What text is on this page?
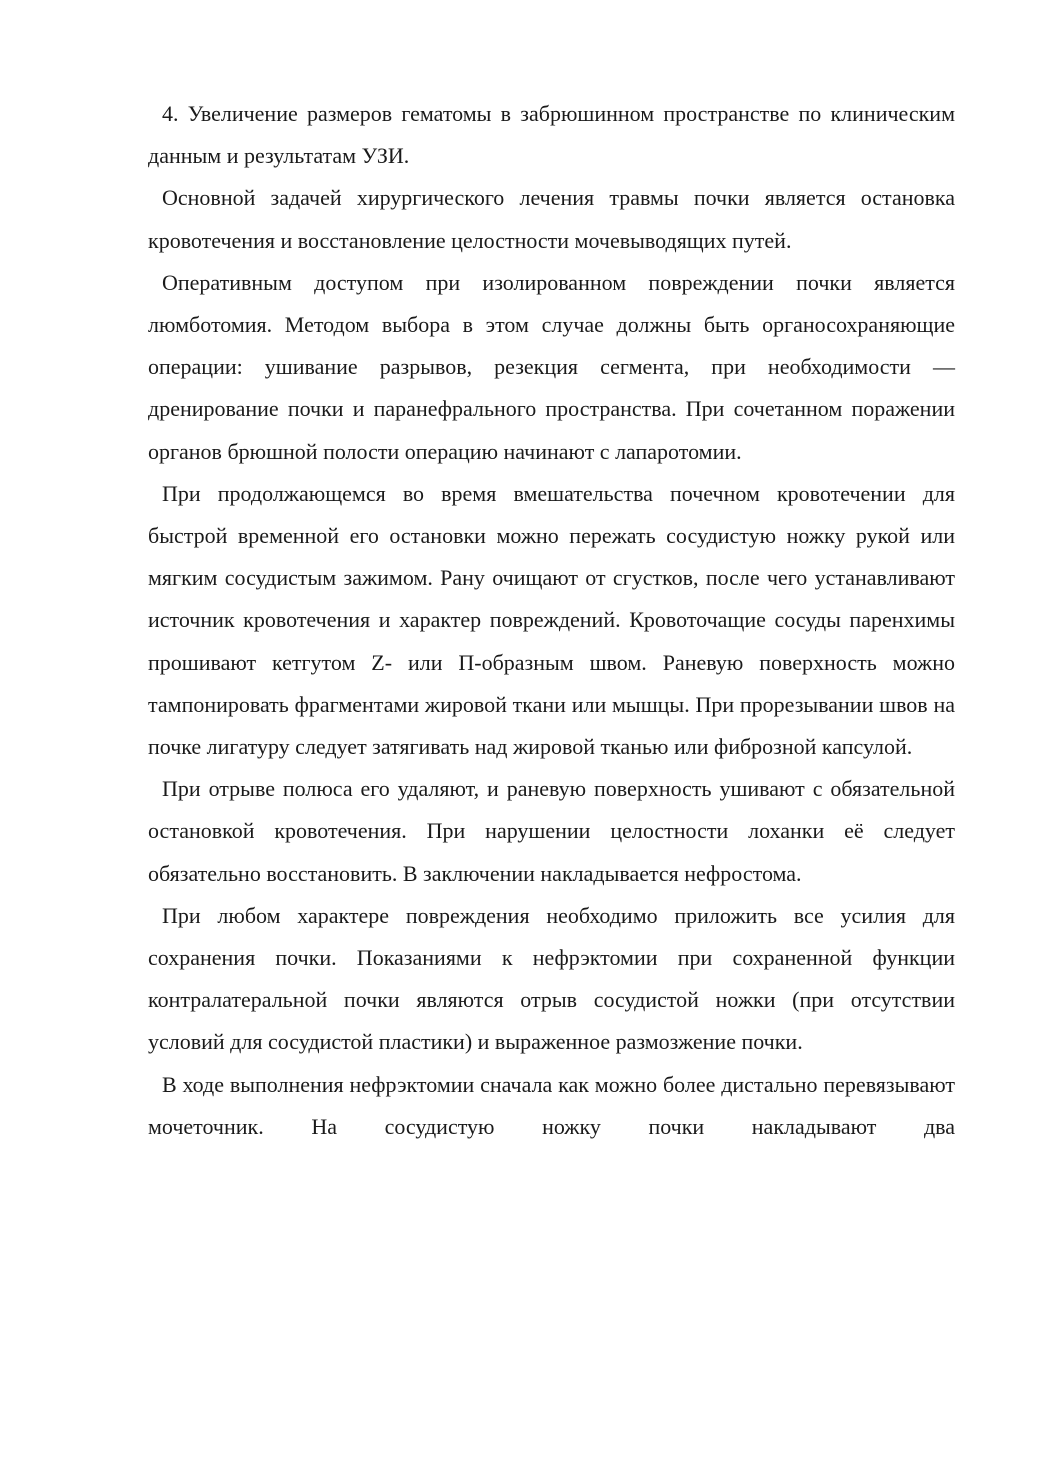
4. Увеличение размеров гематомы в забрюшинном пространстве по клиническим данным и результатам УЗИ.

Основной задачей хирургического лечения травмы почки является остановка кровотечения и восстановление целостности мочевыводящих путей.

Оперативным доступом при изолированном повреждении почки является люмботомия. Методом выбора в этом случае должны быть органосохраняющие операции: ушивание разрывов, резекция сегмента, при необходимости — дренирование почки и паранефрального пространства. При сочетанном поражении органов брюшной полости операцию начинают с лапаротомии.

При продолжающемся во время вмешательства почечном кровотечении для быстрой временной его остановки можно пережать сосудистую ножку рукой или мягким сосудистым зажимом. Рану очищают от сгустков, после чего устанавливают источник кровотечения и характер повреждений. Кровоточащие сосуды паренхимы прошивают кетгутом Z- или П-образным швом. Раневую поверхность можно тампонировать фрагментами жировой ткани или мышцы. При прорезывании швов на почке лигатуру следует затягивать над жировой тканью или фиброзной капсулой.

При отрыве полюса его удаляют, и раневую поверхность ушивают с обязательной остановкой кровотечения. При нарушении целостности лоханки её следует обязательно восстановить. В заключении накладывается нефростома.

При любом характере повреждения необходимо приложить все усилия для сохранения почки. Показаниями к нефрэктомии при сохраненной функции контралатеральной почки являются отрыв сосудистой ножки (при отсутствии условий для сосудистой пластики) и выраженное размозжение почки.

В ходе выполнения нефрэктомии сначала как можно более дистально перевязывают мочеточник. На сосудистую ножку почки накладывают два
